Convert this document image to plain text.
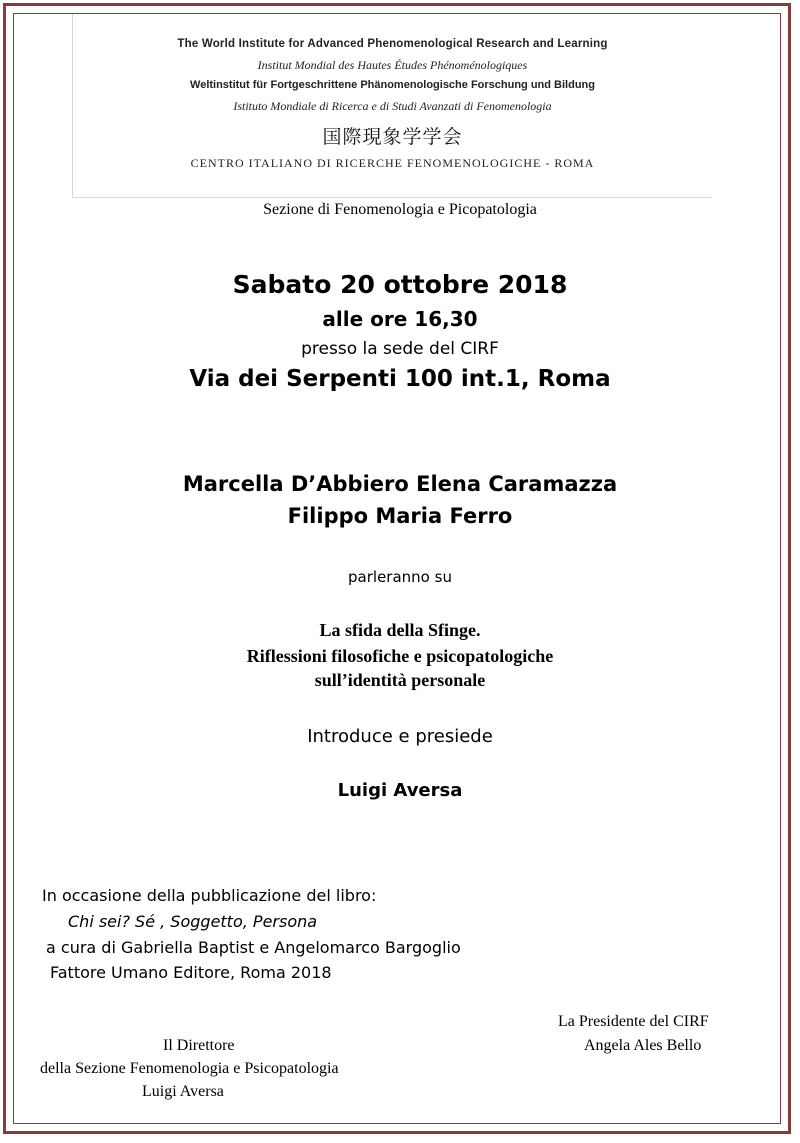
The World Institute for Advanced Phenomenological Research and Learning
Institut Mondial des Hautes Études Phénoménologiques
Weltinstitut für Fortgeschrittene Phänomenologische Forschung und Bildung
Istituto Mondiale di Ricerca e di Studi Avanzati di Fenomenologia
国際現象学学会
CENTRO ITALIANO DI RICERCHE FENOMENOLOGICHE - ROMA
Sezione di Fenomenologia e Picopatologia
Sabato 20 ottobre 2018
alle ore 16,30
presso la sede del CIRF
Via dei Serpenti 100 int.1, Roma
Marcella D’Abbiero Elena Caramazza
Filippo Maria Ferro
parleranno su
La sfida della Sfinge.
Riflessioni filosofiche e psicopatologiche
sull’identità personale
Introduce e presiede
Luigi Aversa
In occasione della pubblicazione del libro:
Chi sei? Sé , Soggetto, Persona
a cura di Gabriella Baptist e Angelomarco Bargoglio
Fattore Umano Editore, Roma 2018
La Presidente del CIRF
Angela Ales Bello
Il Direttore
della Sezione Fenomenologia e Psicopatologia
Luigi Aversa
